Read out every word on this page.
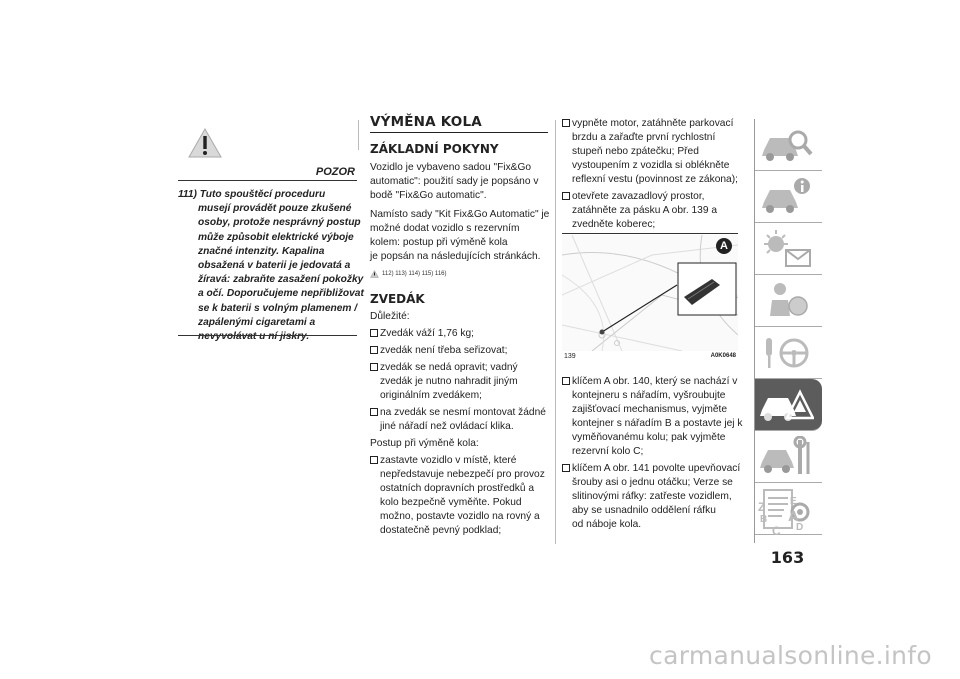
POZOR
111) Tuto spouštěcí proceduru
musejí provádět pouze zkušené
osoby, protože nesprávný postup
může způsobit elektrické výboje
značné intenzity. Kapalina
obsažená v baterii je jedovatá a
žíravá: zabraňte zasažení pokožky
a očí. Doporučujeme nepřibližovat
se k baterii s volným plamenem /
zapálenými cigaretami a
nevyvolávat u ní jiskry.
VÝMĚNA KOLA
ZÁKLADNÍ POKYNY
Vozidlo je vybaveno sadou "Fix&Go
automatic": použití sady je popsáno v
bodě "Fix&Go automatic".
Namísto sady "Kit Fix&Go Automatic" je
možné dodat vozidlo s rezervním
kolem: postup při výměně kola
je popsán na následujících stránkách.
112) 113) 114) 115) 116)
ZVEDÁK
Důležité:
Zvedák váží 1,76 kg;
zvedák není třeba seřizovat;
zvedák se nedá opravit; vadný
zvedák je nutno nahradit jiným
originálním zvedákem;
na zvedák se nesmí montovat žádné
jiné nářadí než ovládací klika.
Postup při výměně kola:
zastavte vozidlo v místě, které
nepředstavuje nebezpečí pro provoz
ostatních dopravních prostředků a
kolo bezpečně vyměňte. Pokud
možno, postavte vozidlo na rovný a
dostatečně pevný podklad;
vypněte motor, zatáhněte parkovací
brzdu a zařaďte první rychlostní
stupeň nebo zpátečku; Před
vystoupením z vozidla si oblékněte
reflexní vestu (povinnost ze zákona);
otevřete zavazadlový prostor,
zatáhněte za pásku A obr. 139 a
zvedněte koberec;
klíčem A obr. 140, který se nachází v
kontejneru s nářadím, vyšroubujte
zajišťovací mechanismus, vyjměte
kontejner s nářadím B a postavte jej k
vyměňovanému kolu; pak vyjměte
rezervní kolo C;
klíčem A obr. 141 povolte upevňovací
šrouby asi o jednu otáčku; Verze se
slitinovými ráfky: zatřeste vozidlem,
aby se usnadnilo oddělení ráfku
od náboje kola.
A
139	A0K0648
Z E
B A
C D
163
carmanualsonline.info
